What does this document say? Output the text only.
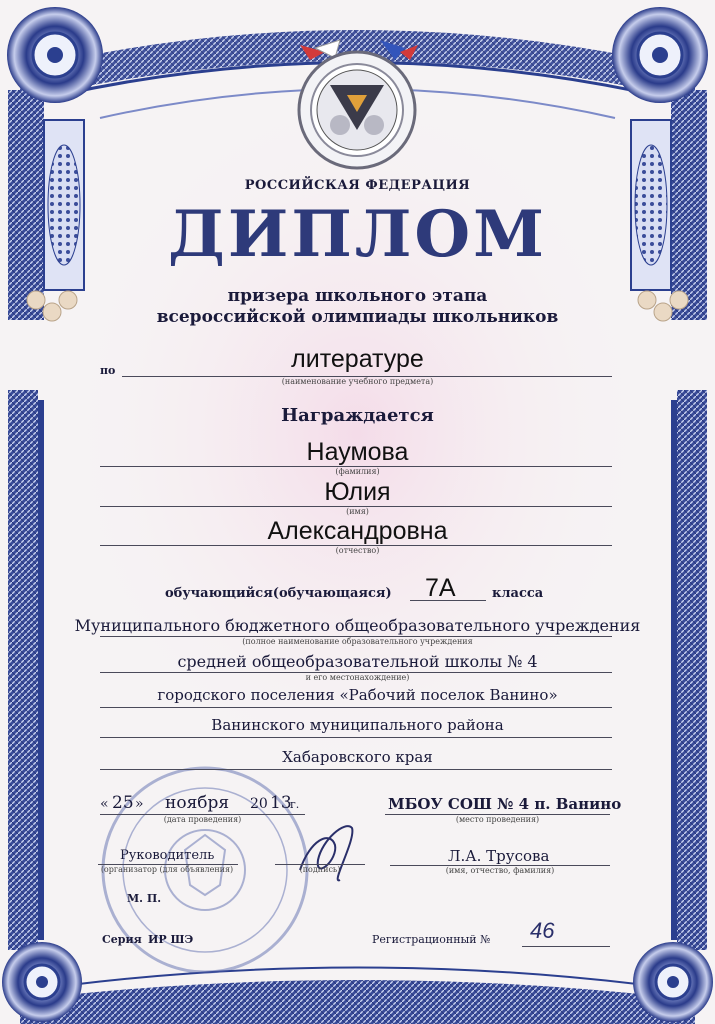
РОССИЙСКАЯ ФЕДЕРАЦИЯ
ДИПЛОМ
призера школьного этапа
всероссийской олимпиады школьников
по	литературе
(наименование учебного предмета)
Награждается
Наумова
(фамилия)
Юлия
(имя)
Александровна
(отчество)
обучающийся(обучающаяся) 7А	класса
Муниципального бюджетного общеобразовательного учреждения
(полное наименование образовательного учреждения
средней общеобразовательной школы № 4
и его местонахождение)
городского поселения «Рабочий поселок Ванино»
Ванинского муниципального района
Хабаровского края
« 25 » ноября 20 13
г.
(дата проведения)
МБОУ СОШ № 4 п. Ванино
(место проведения)
Руководитель
(организатор (для объявления)	(подпись)
Л.А. Трусова
(имя, отчество, фамилия)
М. П.
Серия ИР ШЭ	Регистрационный № 46
